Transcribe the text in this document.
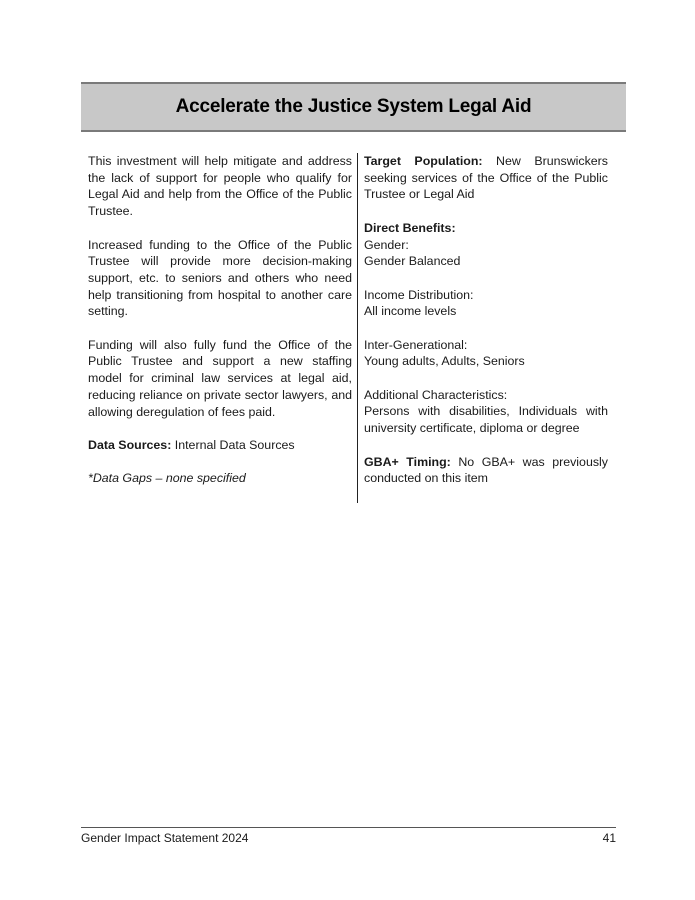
Accelerate the Justice System Legal Aid

This investment will help mitigate and address the lack of support for people who qualify for Legal Aid and help from the Office of the Public Trustee.

Increased funding to the Office of the Public Trustee will provide more decision-making support, etc. to seniors and others who need help transitioning from hospital to another care setting.

Funding will also fully fund the Office of the Public Trustee and support a new staffing model for criminal law services at legal aid, reducing reliance on private sector lawyers, and allowing deregulation of fees paid.

Data Sources: Internal Data Sources

*Data Gaps – none specified

Target Population: New Brunswickers seeking services of the Office of the Public Trustee or Legal Aid

Direct Benefits:

Gender:

Gender Balanced

Income Distribution:

All income levels

Inter-Generational:

Young adults, Adults, Seniors

Additional Characteristics:

Persons with disabilities, Individuals with university certificate, diploma or degree

GBA+ Timing: No GBA+ was previously conducted on this item

Gender Impact Statement 2024	41
